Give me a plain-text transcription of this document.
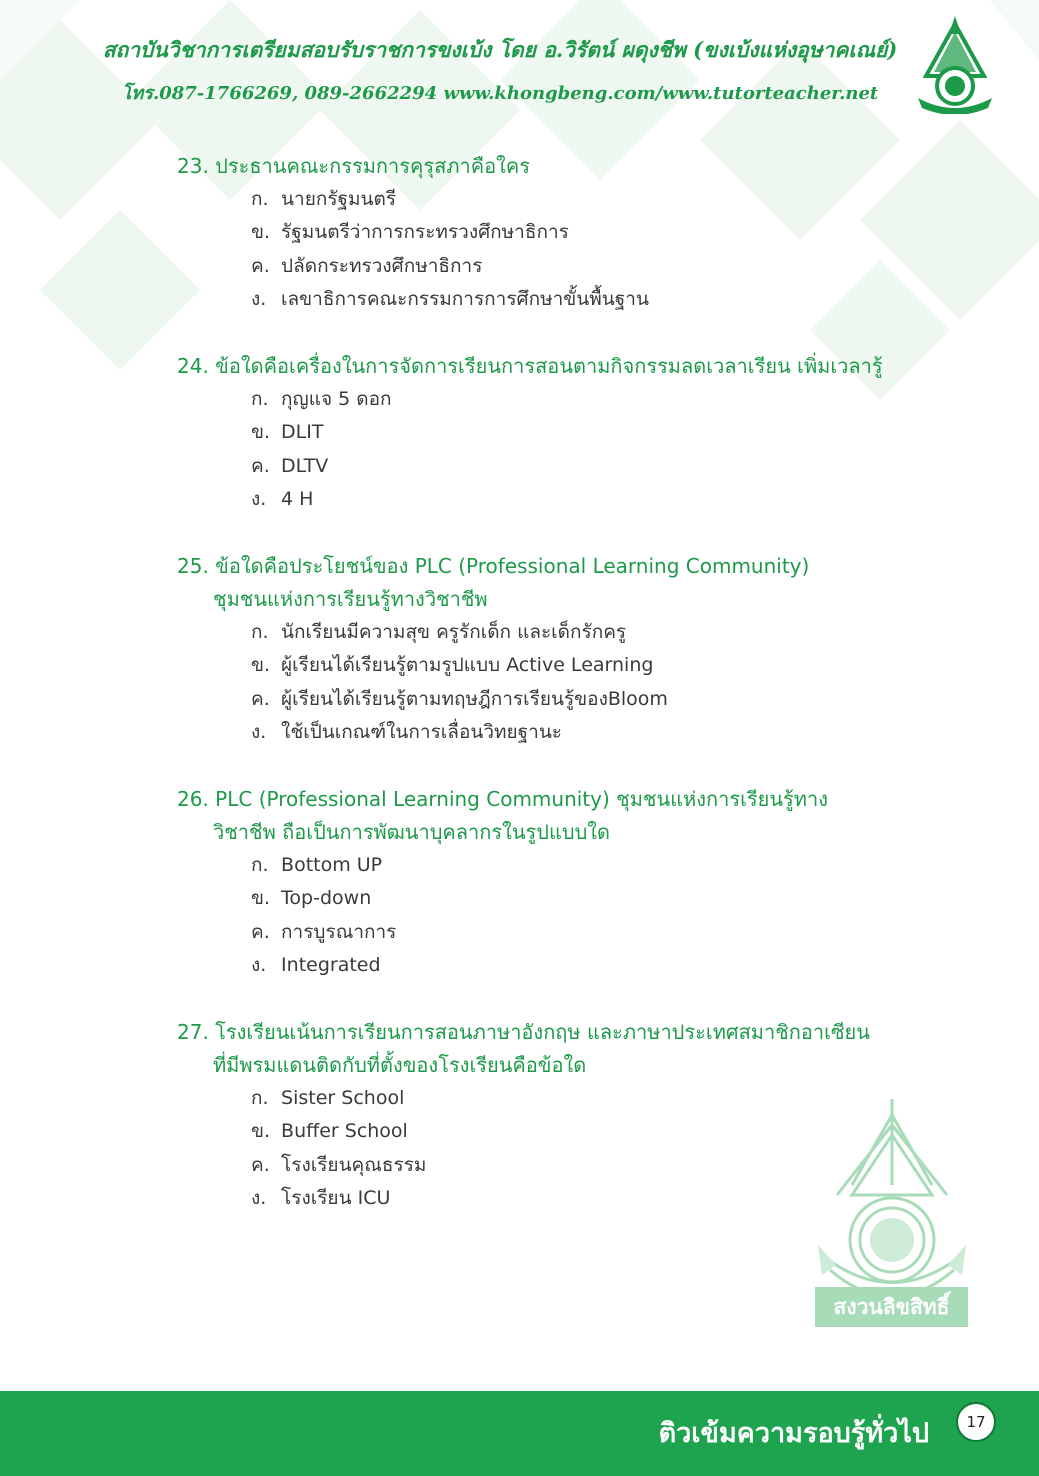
สถาบันวิชาการเตรียมสอบรับราชการขงเบ้ง โดย อ.วิรัตน์ ผดุงชีพ (ขงเบ้งแห่งอุษาคเณย์)
โทร.087-1766269, 089-2662294 www.khongbeng.com/www.tutorteacher.net
23. ประธานคณะกรรมการคุรุสภาคือใคร
ก. นายกรัฐมนตรี
ข. รัฐมนตรีว่าการกระทรวงศึกษาธิการ
ค. ปลัดกระทรวงศึกษาธิการ
ง. เลขาธิการคณะกรรมการการศึกษาขั้นพื้นฐาน
24. ข้อใดคือเครื่องในการจัดการเรียนการสอนตามกิจกรรมลดเวลาเรียน เพิ่มเวลารู้
ก. กุญแจ 5 ดอก
ข. DLIT
ค. DLTV
ง. 4 H
25. ข้อใดคือประโยชน์ของ PLC (Professional Learning Community)
ชุมชนแห่งการเรียนรู้ทางวิชาชีพ
ก. นักเรียนมีความสุข ครูรักเด็ก และเด็กรักครู
ข. ผู้เรียนได้เรียนรู้ตามรูปแบบ Active Learning
ค. ผู้เรียนได้เรียนรู้ตามทฤษฎีการเรียนรู้ของBloom
ง. ใช้เป็นเกณฑ์ในการเลื่อนวิทยฐานะ
26. PLC (Professional Learning Community) ชุมชนแห่งการเรียนรู้ทาง
วิชาชีพ ถือเป็นการพัฒนาบุคลากรในรูปแบบใด
ก. Bottom UP
ข. Top-down
ค. การบูรณาการ
ง. Integrated
27. โรงเรียนเน้นการเรียนการสอนภาษาอังกฤษ และภาษาประเทศสมาชิกอาเซียน
ที่มีพรมแดนติดกับที่ตั้งของโรงเรียนคือข้อใด
ก. Sister School
ข. Buffer School
ค. โรงเรียนคุณธรรม
ง. โรงเรียน ICU
สงวนลิขสิทธิ์
ติวเข้มความรอบรู้ทั่วไป	17
